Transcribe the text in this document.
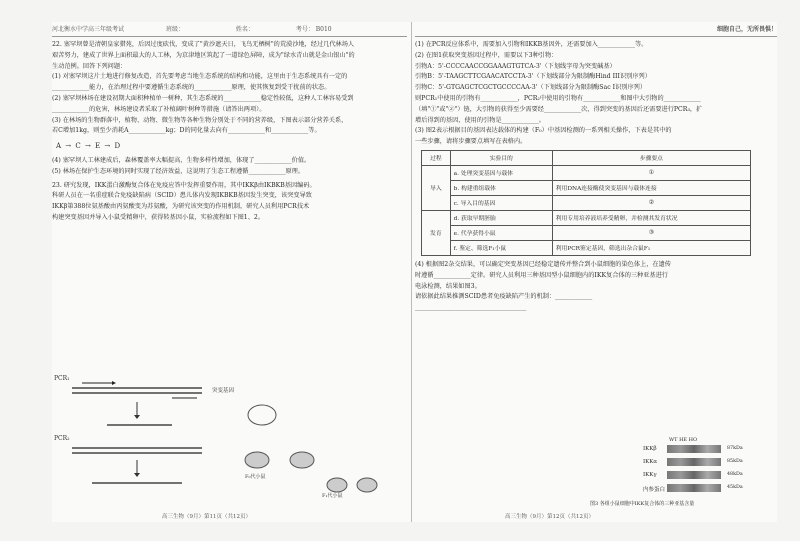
河北衡水中学高三年级考试	班级：	姓名：	考号： B010

22. 塞罕坝曾是清朝皇家猎苑，后因过度砍伐，变成了"黄沙遮天日，飞鸟无栖树"的荒漠沙地，经过几代林场人

艰苦努力，建成了世界上面积最大的人工林，为京津地区筑起了一道绿色屏障，成为"绿水青山就是金山银山"的

生动范例。回答下列问题：

(1) 对塞罕坝这片土地进行修复改造，首先要考虑当地生态系统的结构和功能，这里由于生态系统具有一定的

____________能力，在治理过程中要遵循生态系统的____________原理，使其恢复到受干扰前的状态。

(2) 塞罕坝林场在建设初期大面积种植单一树种，其生态系统的____________稳定性较低，这种人工林容易受到

____________的危害，林场建设者采取了补植阔叶树种等措施（请答出两项）。

(3) 在林场的生物群落中，植物、动物、微生物等各种生物分别处于不同的营养级，下图表示部分营养关系，

若C增加1kg，则至少消耗A____________kg；D的同化量去向有____________和____________等。

A → C → E → D

(4) 塞罕坝人工林建成后，森林覆盖率大幅提高，生物多样性增加，体现了____________价值。

(5) 林场在保护生态环境的同时实现了经济效益，这说明了生态工程遵循____________原理。

23. 研究发现，IKK蛋白激酶复合体在免疫应答中发挥重要作用，其中IKKβ由IKBKB基因编码。

科研人员在一名重症联合免疫缺陷病（SCID）患儿体内发现IKBKB基因发生突变，该突变导致

IKKβ第388位氨基酸由丙氨酸变为苏氨酸，为研究该突变的作用机制，研究人员利用PCR技术

构建突变基因并导入小鼠受精卵中，获得转基因小鼠，实验流程如下图1、2。

PCR₁
PCR₂
突变基因
F₀代小鼠
F₁代小鼠
高三生物（9月）第11页（共12页）
细胞自己，无所畏惧！

(1) 在PCR反应体系中，需要加入引物和IKKB基因外，还需要加入____________等。

(2) 在图1获取突变基因过程中，需要以下3种引物：

引物A：5'-CCCCAACCGGAAAGTGTCA-3'（下划线字母为突变碱基）

引物B：5'-TAAGCTTCGAACATCCTA-3'（下划线部分为限制酶Hind III识别序列）

引物C：5'-GTGAGCTCGCTGCCCCAA-3'（下划线部分为限制酶Sac I识别序列）

则PCR₁中使用的引物有____________，PCR₂中使用的引物有____________和图中大引物的____________

（填"①"或"②"）链，大引物的获得至少需要经____________次，得到突变的基因后还需要进行PCR₃，扩

增后得到的基因，使用的引物是____________。

(3) 图2表示根据目的基因表达载体的构建（F₀）中基因检测的一系列相关操作，下表是其中的

一些步骤，请将步骤要点填写在表格内。

过程	实验目的	步骤要点
导入	a. 处理突变基因与载体	①
	b. 构建重组载体	利用DNA连接酶使突变基因与载体连接
	c. 导入目的基因	②
发育	d. 获取早期胚胎	利用专用培养液培养受精卵，并检测其发育状况
	e. 代孕获得小鼠	③
	f. 鉴定、筛选F₁小鼠	利用PCR鉴定基因，筛选出杂合鼠F₁

(4) 根据图2杂交结果，可以确定突变基因已经稳定遗传并整合到小鼠细胞的染色体上，在遗传

时遵循____________定律。研究人员利用三种基因型小鼠细胞内的IKK复合体的三种亚基进行

电泳检测，结果如图3。

请依据此结果推测SCID患者免疫缺陷产生的机制：____________

____________________________________

WT HE HO
IKKβ	87kDa
IKKα	85kDa
IKKγ	48kDa
内参蛋白	45kDa
图3 各组小鼠细胞中IKK复合体的三种亚基含量
高三生物（9月）第12页（共12页）
